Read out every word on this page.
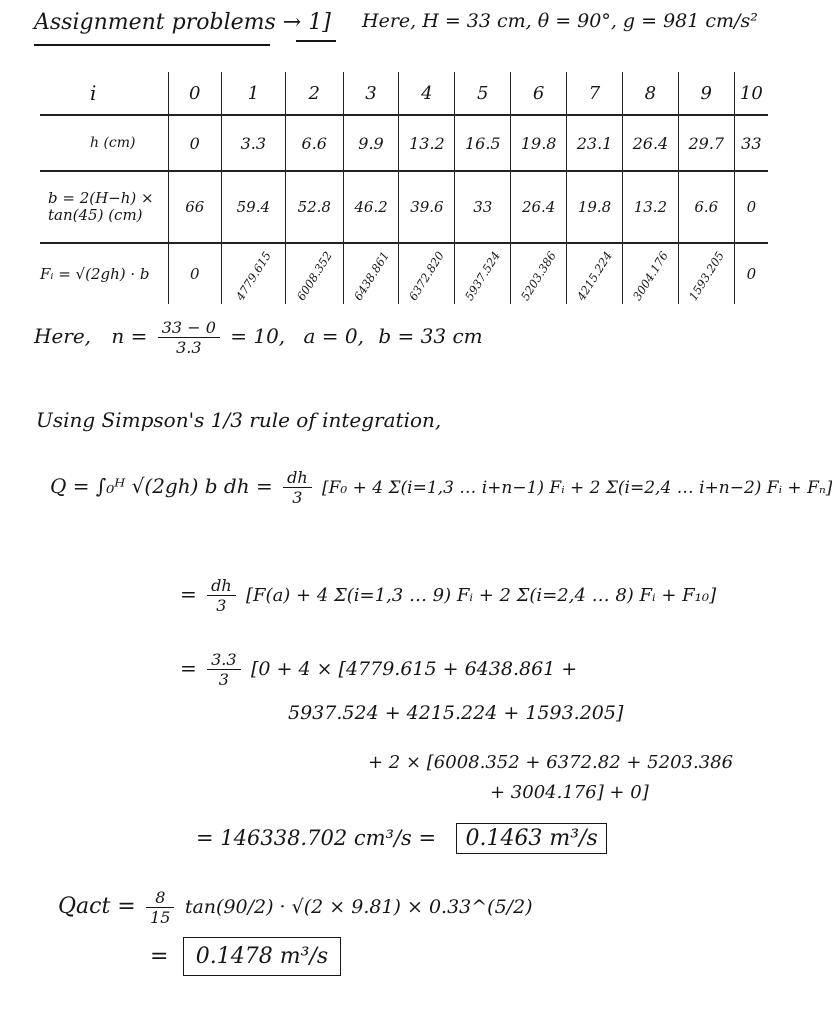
Assignment problems → 1] Here, H = 33 cm, θ = 90°, g = 981 cm/s²
i	0	1	2	3	4	5	6	7	8	9	10
h (cm)	0	3.3	6.6	9.9	13.2	16.5	19.8	23.1	26.4	29.7	33
b = 2(H−h) × tan(45) (cm)	66	59.4	52.8	46.2	39.6	33	26.4	19.8	13.2	6.6	0
Fᵢ = √(2gh) · b	0	4779.615	6008.352	6438.861	6372.820	5937.524	5203.386	4215.224	3004.176	1593.205	0
Here, $n = \frac{33 - 0}{3.3} = 10$, a = 0, b = 33 cm
Using Simpson's 1/3 rule of integration,
Q = ∫₀ᴴ √(2gh) b dh = $\frac{dh}{3} [F_0 + 4$ Σ(i=1,3 … i+n−1) Fᵢ + 2 Σ(i=2,4 … i+n−2) Fᵢ + Fₙ]
= $\frac{dh}{3} [F(a) + 4$ Σ(i=1,3 … 9) Fᵢ + 2 Σ(i=2,4 … 8) Fᵢ + F₁₀]
= $\frac{3.3}{3} [0 + 4 \times [4779.615 + 6438.861$ +
5937.524 + 4215.224 + 1593.205]
+ 2 × [6008.352 + 6372.82 + 5203.386
+ 3004.176] + 0]
= 146338.702 cm³/s = 0.1463 m³/s
Qact = $\frac{8}{15} \tan(90/2) \cdot √(2 \times 9.81)$ × 0.33^(5/2)
= 0.1478 m³/s
